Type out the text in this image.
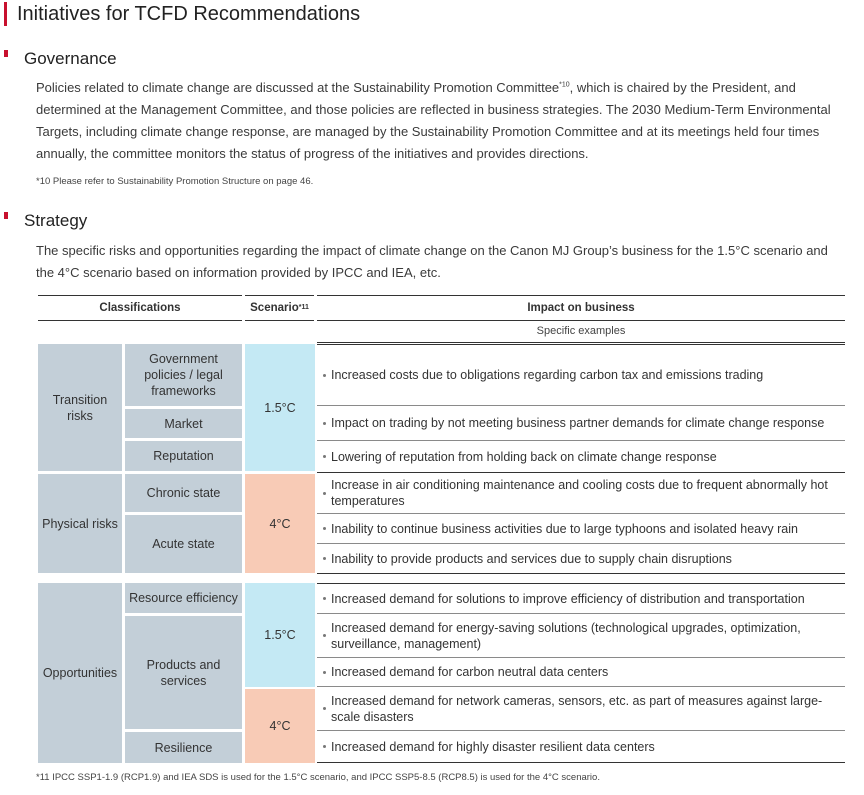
Initiatives for TCFD Recommendations
Governance
Policies related to climate change are discussed at the Sustainability Promotion Committee$^{*10}$, which is chaired by the President, and determined at the Management Committee, and those policies are reflected in business strategies. The 2030 Medium-Term Environmental Targets, including climate change response, are managed by the Sustainability Promotion Committee and at its meetings held four times annually, the committee monitors the status of progress of the initiatives and provides directions.
*10 Please refer to Sustainability Promotion Structure on page 46.
Strategy
The specific risks and opportunities regarding the impact of climate change on the Canon MJ Group’s business for the 1.5°C scenario and the 4°C scenario based on information provided by IPCC and IEA, etc.
Classifications	Scenario *11	Impact on business
Specific examples
Transition risks
Physical risks
Opportunities
Government policies / legal frameworks
Market
Reputation
Chronic state
Acute state
Resource efficiency
Products and services
Resilience
1.5°C
4°C
1.5°C
4°C
Increased costs due to obligations regarding carbon tax and emissions trading
Impact on trading by not meeting business partner demands for climate change response
Lowering of reputation from holding back on climate change response
Increase in air conditioning maintenance and cooling costs due to frequent abnormally hot temperatures
Inability to continue business activities due to large typhoons and isolated heavy rain
Inability to provide products and services due to supply chain disruptions
Increased demand for solutions to improve efficiency of distribution and transportation
Increased demand for energy-saving solutions (technological upgrades, optimization, surveillance, management)
Increased demand for carbon neutral data centers
Increased demand for network cameras, sensors, etc. as part of measures against large-scale disasters
Increased demand for highly disaster resilient data centers
*11 IPCC SSP1-1.9 (RCP1.9) and IEA SDS is used for the 1.5°C scenario, and IPCC SSP5-8.5 (RCP8.5) is used for the 4°C scenario.
